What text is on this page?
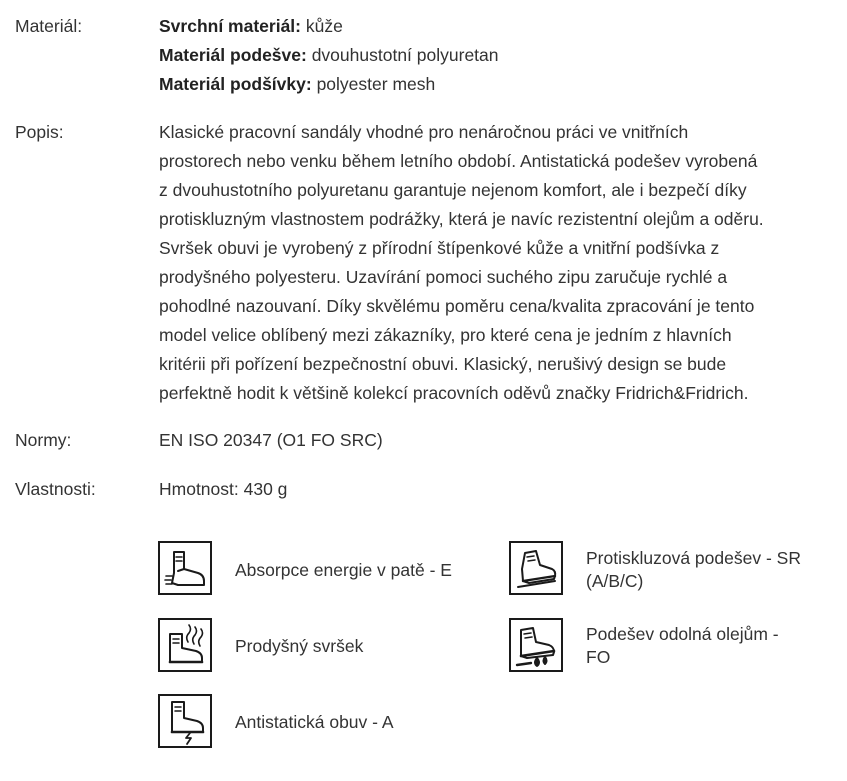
Materiál:	Svrchní materiál: kůže
Materiál podešve: dvouhustotní polyuretan
Materiál podšívky: polyester mesh
Popis:	Klasické pracovní sandály vhodné pro nenáročnou práci ve vnitřních
prostorech nebo venku během letního období. Antistatická podešev vyrobená
z dvouhustotního polyuretanu garantuje nejenom komfort, ale i bezpečí díky
protiskluzným vlastnostem podrážky, která je navíc rezistentní olejům a oděru.
Svršek obuvi je vyrobený z přírodní štípenkové kůže a vnitřní podšívka z
prodyšného polyesteru. Uzavírání pomoci suchého zipu zaručuje rychlé a
pohodlné nazouvaní. Díky skvělému poměru cena/kvalita zpracování je tento
model velice oblíbený mezi zákazníky, pro které cena je jedním z hlavních
kritérii při pořízení bezpečnostní obuvi. Klasický, nerušivý design se bude
perfektně hodit k většině kolekcí pracovních oděvů značky Fridrich&Fridrich.
Normy:	EN ISO 20347 (O1 FO SRC)
Vlastnosti:	Hmotnost: 430 g
Absorpce energie v patě - E
Protiskluzová podešev - SR
(A/B/C)
Prodyšný svršek
Podešev odolná olejům -
FO
Antistatická obuv - A
